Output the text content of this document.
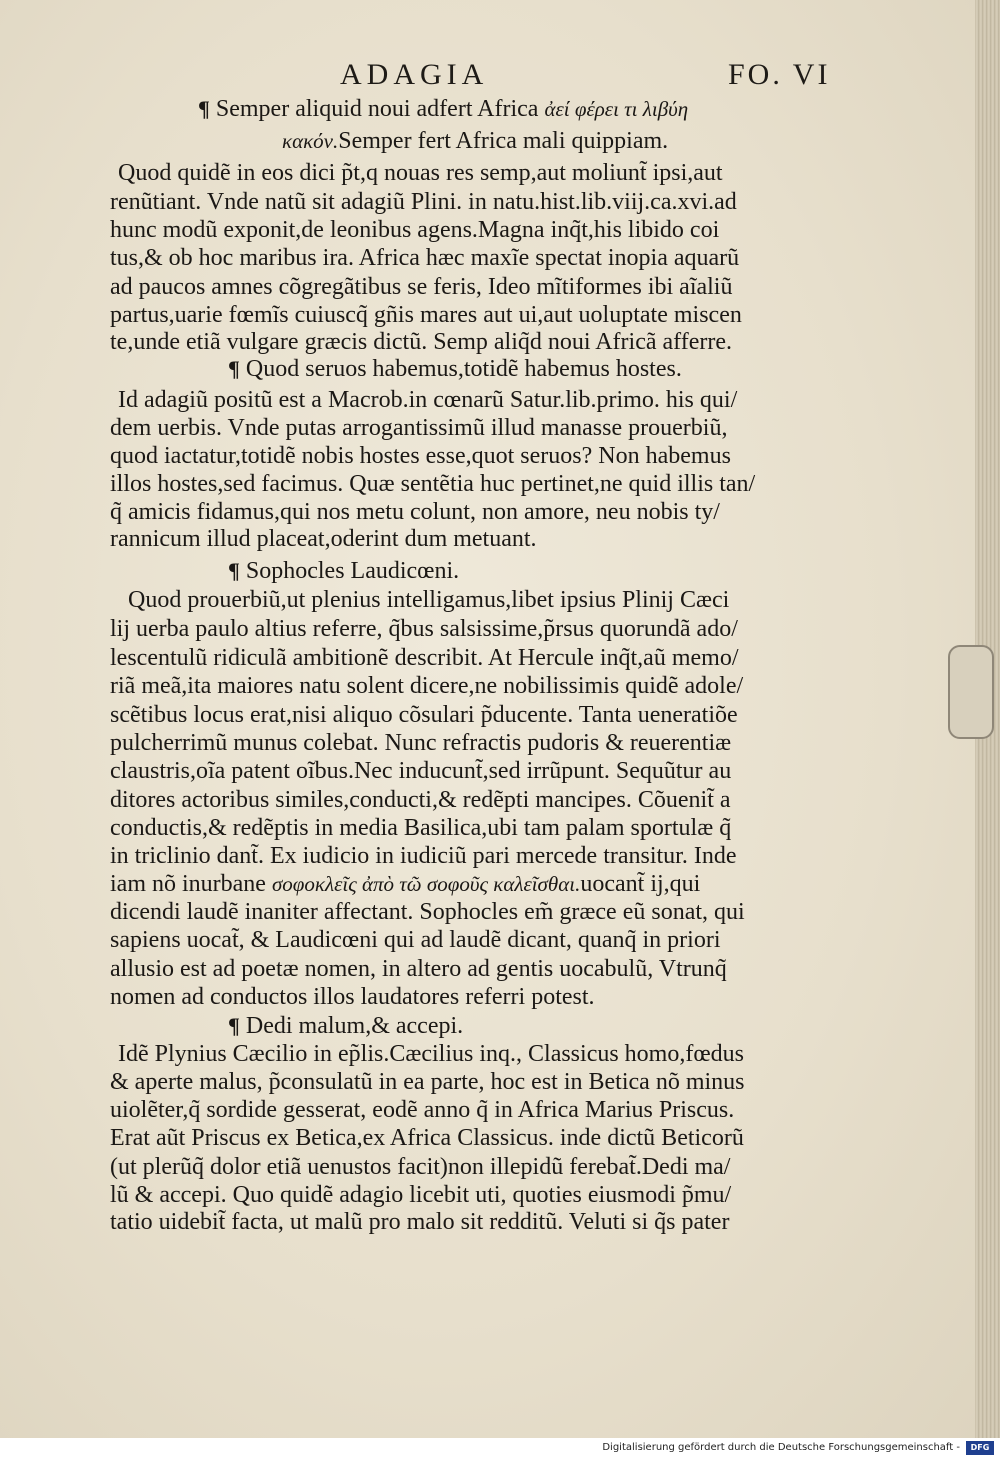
ADAGIA	FO. VI
¶ Semper aliquid noui adfert Africa ἀεί φέρει τι λιβύη
κακόν.Semper fert Africa mali quippiam.
Quod quidẽ in eos dici p̃t,q nouas res semp,aut moliunt̃ ipsi,aut
renũtiant. Vnde natũ sit adagiũ Plini. in natu.hist.lib.viij.ca.xvi.ad
hunc modũ exponit,de leonibus agens.Magna inq̃t,his libido coi
tus,& ob hoc maribus ira. Africa hæc maxĩe spectat inopia aquarũ
ad paucos amnes cõgregãtibus se feris, Ideo mĩtiformes ibi aĩaliũ
partus,uarie fœmĩs cuiuscq̃ gñis mares aut ui,aut uoluptate miscen
te,unde etiã vulgare græcis dictũ. Semp aliq̃d noui Africã afferre.
¶ Quod seruos habemus,totidẽ habemus hostes.
Id adagiũ positũ est a Macrob.in cœnarũ Satur.lib.primo. his qui/
dem uerbis. Vnde putas arrogantissimũ illud manasse prouerbiũ,
quod iactatur,totidẽ nobis hostes esse,quot seruos? Non habemus
illos hostes,sed facimus. Quæ sentẽtia huc pertinet,ne quid illis tan/
q̃ amicis fidamus,qui nos metu colunt, non amore, neu nobis ty/
rannicum illud placeat,oderint dum metuant.
¶ Sophocles Laudicœni.
Quod prouerbiũ,ut plenius intelligamus,libet ipsius Plinij Cæci
lij uerba paulo altius referre, q̃bus salsissime,p̃rsus quorundã ado/
lescentulũ ridiculã ambitionẽ describit. At Hercule inq̃t,aũ memo/
riã meã,ita maiores natu solent dicere,ne nobilissimis quidẽ adole/
scẽtibus locus erat,nisi aliquo cõsulari p̃ducente. Tanta ueneratiõe
pulcherrimũ munus colebat. Nunc refractis pudoris & reuerentiæ
claustris,oĩa patent oĩbus.Nec inducunt̃,sed irrũpunt. Sequũtur au
ditores actoribus similes,conducti,& redẽpti mancipes. Cõuenit̃ a
conductis,& redẽptis in media Basilica,ubi tam palam sportulæ q̃
in triclinio dant̃. Ex iudicio in iudiciũ pari mercede transitur. Inde
iam nõ inurbane σοφοκλεῖς ἀπὸ τῶ σοφοῦς καλεῖσθαι.uocant̃ ij,qui
dicendi laudẽ inaniter affectant. Sophocles em̃ græce eũ sonat, qui
sapiens uocat̃, & Laudicœni qui ad laudẽ dicant, quanq̃ in priori
allusio est ad poetæ nomen, in altero ad gentis uocabulũ, Vtrunq̃
nomen ad conductos illos laudatores referri potest.
¶ Dedi malum,& accepi.
Idẽ Plynius Cæcilio in ep̃lis.Cæcilius inq., Classicus homo,fœdus
& aperte malus, p̃consulatũ in ea parte, hoc est in Betica nõ minus
uiolẽter,q̃ sordide gesserat, eodẽ anno q̃ in Africa Marius Priscus.
Erat aũt Priscus ex Betica,ex Africa Classicus. inde dictũ Beticorũ
(ut plerũq̃ dolor etiã uenustos facit)non illepidũ ferebat̃.Dedi ma/
lũ & accepi. Quo quidẽ adagio licebit uti, quoties eiusmodi p̃mu/
tatio uidebit̃ facta, ut malũ pro malo sit redditũ. Veluti si q̃s pater
Digitalisierung gefördert durch die Deutsche Forschungsgemeinschaft -	DFG
